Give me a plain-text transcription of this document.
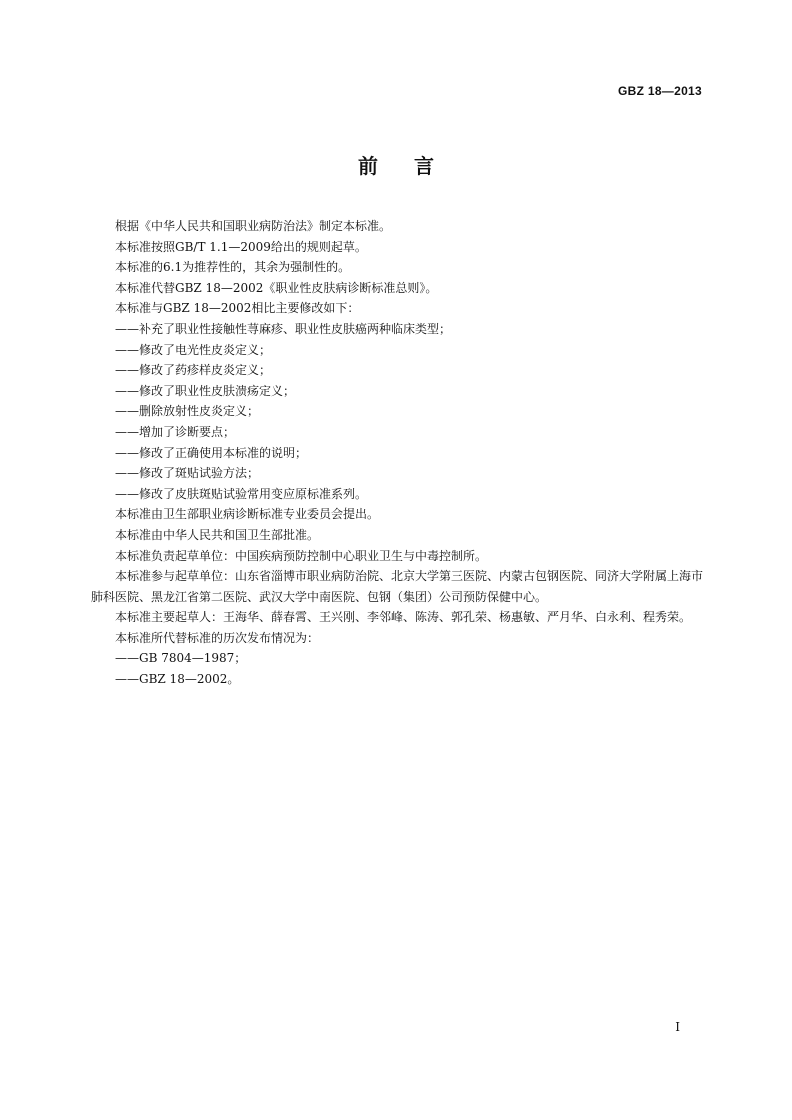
GBZ 18—2013
前言

根据《中华人民共和国职业病防治法》制定本标准。

本标准按照GB/T 1.1—2009给出的规则起草。

本标准的6.1为推荐性的，其余为强制性的。

本标准代替GBZ 18—2002《职业性皮肤病诊断标准总则》。

本标准与GBZ 18—2002相比主要修改如下：

——补充了职业性接触性荨麻疹、职业性皮肤癌两种临床类型；

——修改了电光性皮炎定义；

——修改了药疹样皮炎定义；

——修改了职业性皮肤溃疡定义；

——删除放射性皮炎定义；

——增加了诊断要点；

——修改了正确使用本标准的说明；

——修改了斑贴试验方法；

——修改了皮肤斑贴试验常用变应原标准系列。

本标准由卫生部职业病诊断标准专业委员会提出。

本标准由中华人民共和国卫生部批准。

本标准负责起草单位：中国疾病预防控制中心职业卫生与中毒控制所。

本标准参与起草单位：山东省淄博市职业病防治院、北京大学第三医院、内蒙古包钢医院、同济大学附属上海市肺科医院、黑龙江省第二医院、武汉大学中南医院、包钢（集团）公司预防保健中心。

本标准主要起草人：王海华、薛春霄、王兴刚、李邻峰、陈涛、郭孔荣、杨惠敏、严月华、白永利、程秀荣。

本标准所代替标准的历次发布情况为：

——GB 7804—1987；

——GBZ 18—2002。

I
